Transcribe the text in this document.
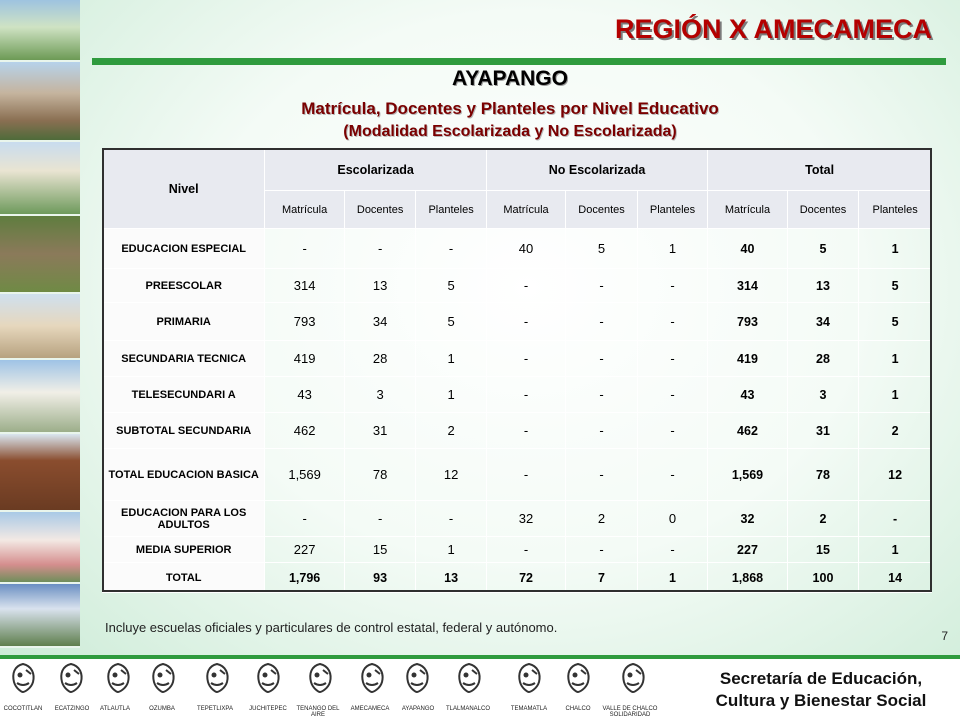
REGIÓN X AMECAMECA
AYAPANGO
Matrícula, Docentes y Planteles por Nivel Educativo
(Modalidad Escolarizada y No Escolarizada)
Nivel	Escolarizada			No Escolarizada			Total		
	Matrícula	Docentes	Planteles	Matrícula	Docentes	Planteles	Matrícula	Docentes	Planteles
EDUCACION ESPECIAL	-	-	-	40	5	1	40	5	1
PREESCOLAR	314	13	5	-	-	-	314	13	5
PRIMARIA	793	34	5	-	-	-	793	34	5
SECUNDARIA TECNICA	419	28	1	-	-	-	419	28	1
TELESECUNDARI A	43	3	1	-	-	-	43	3	1
SUBTOTAL SECUNDARIA	462	31	2	-	-	-	462	31	2
TOTAL EDUCACION BASICA	1,569	78	12	-	-	-	1,569	78	12
EDUCACION PARA LOS ADULTOS	-	-	-	32	2	0	32	2	-
MEDIA SUPERIOR	227	15	1	-	-	-	227	15	1
TOTAL	1,796	93	13	72	7	1	1,868	100	14
Incluye escuelas oficiales y particulares de control estatal, federal y autónomo.
7
COCOTITLAN	ECATZINGO	ATLAUTLA	OZUMBA	TEPETLIXPA	JUCHITEPEC	TENANGO DEL AIRE
AMECAMECA	AYAPANGO	TLALMANALCO	TEMAMATLA	CHALCO	VALLE DE CHALCO SOLIDARIDAD
Secretaría de Educación,
Cultura y Bienestar Social
